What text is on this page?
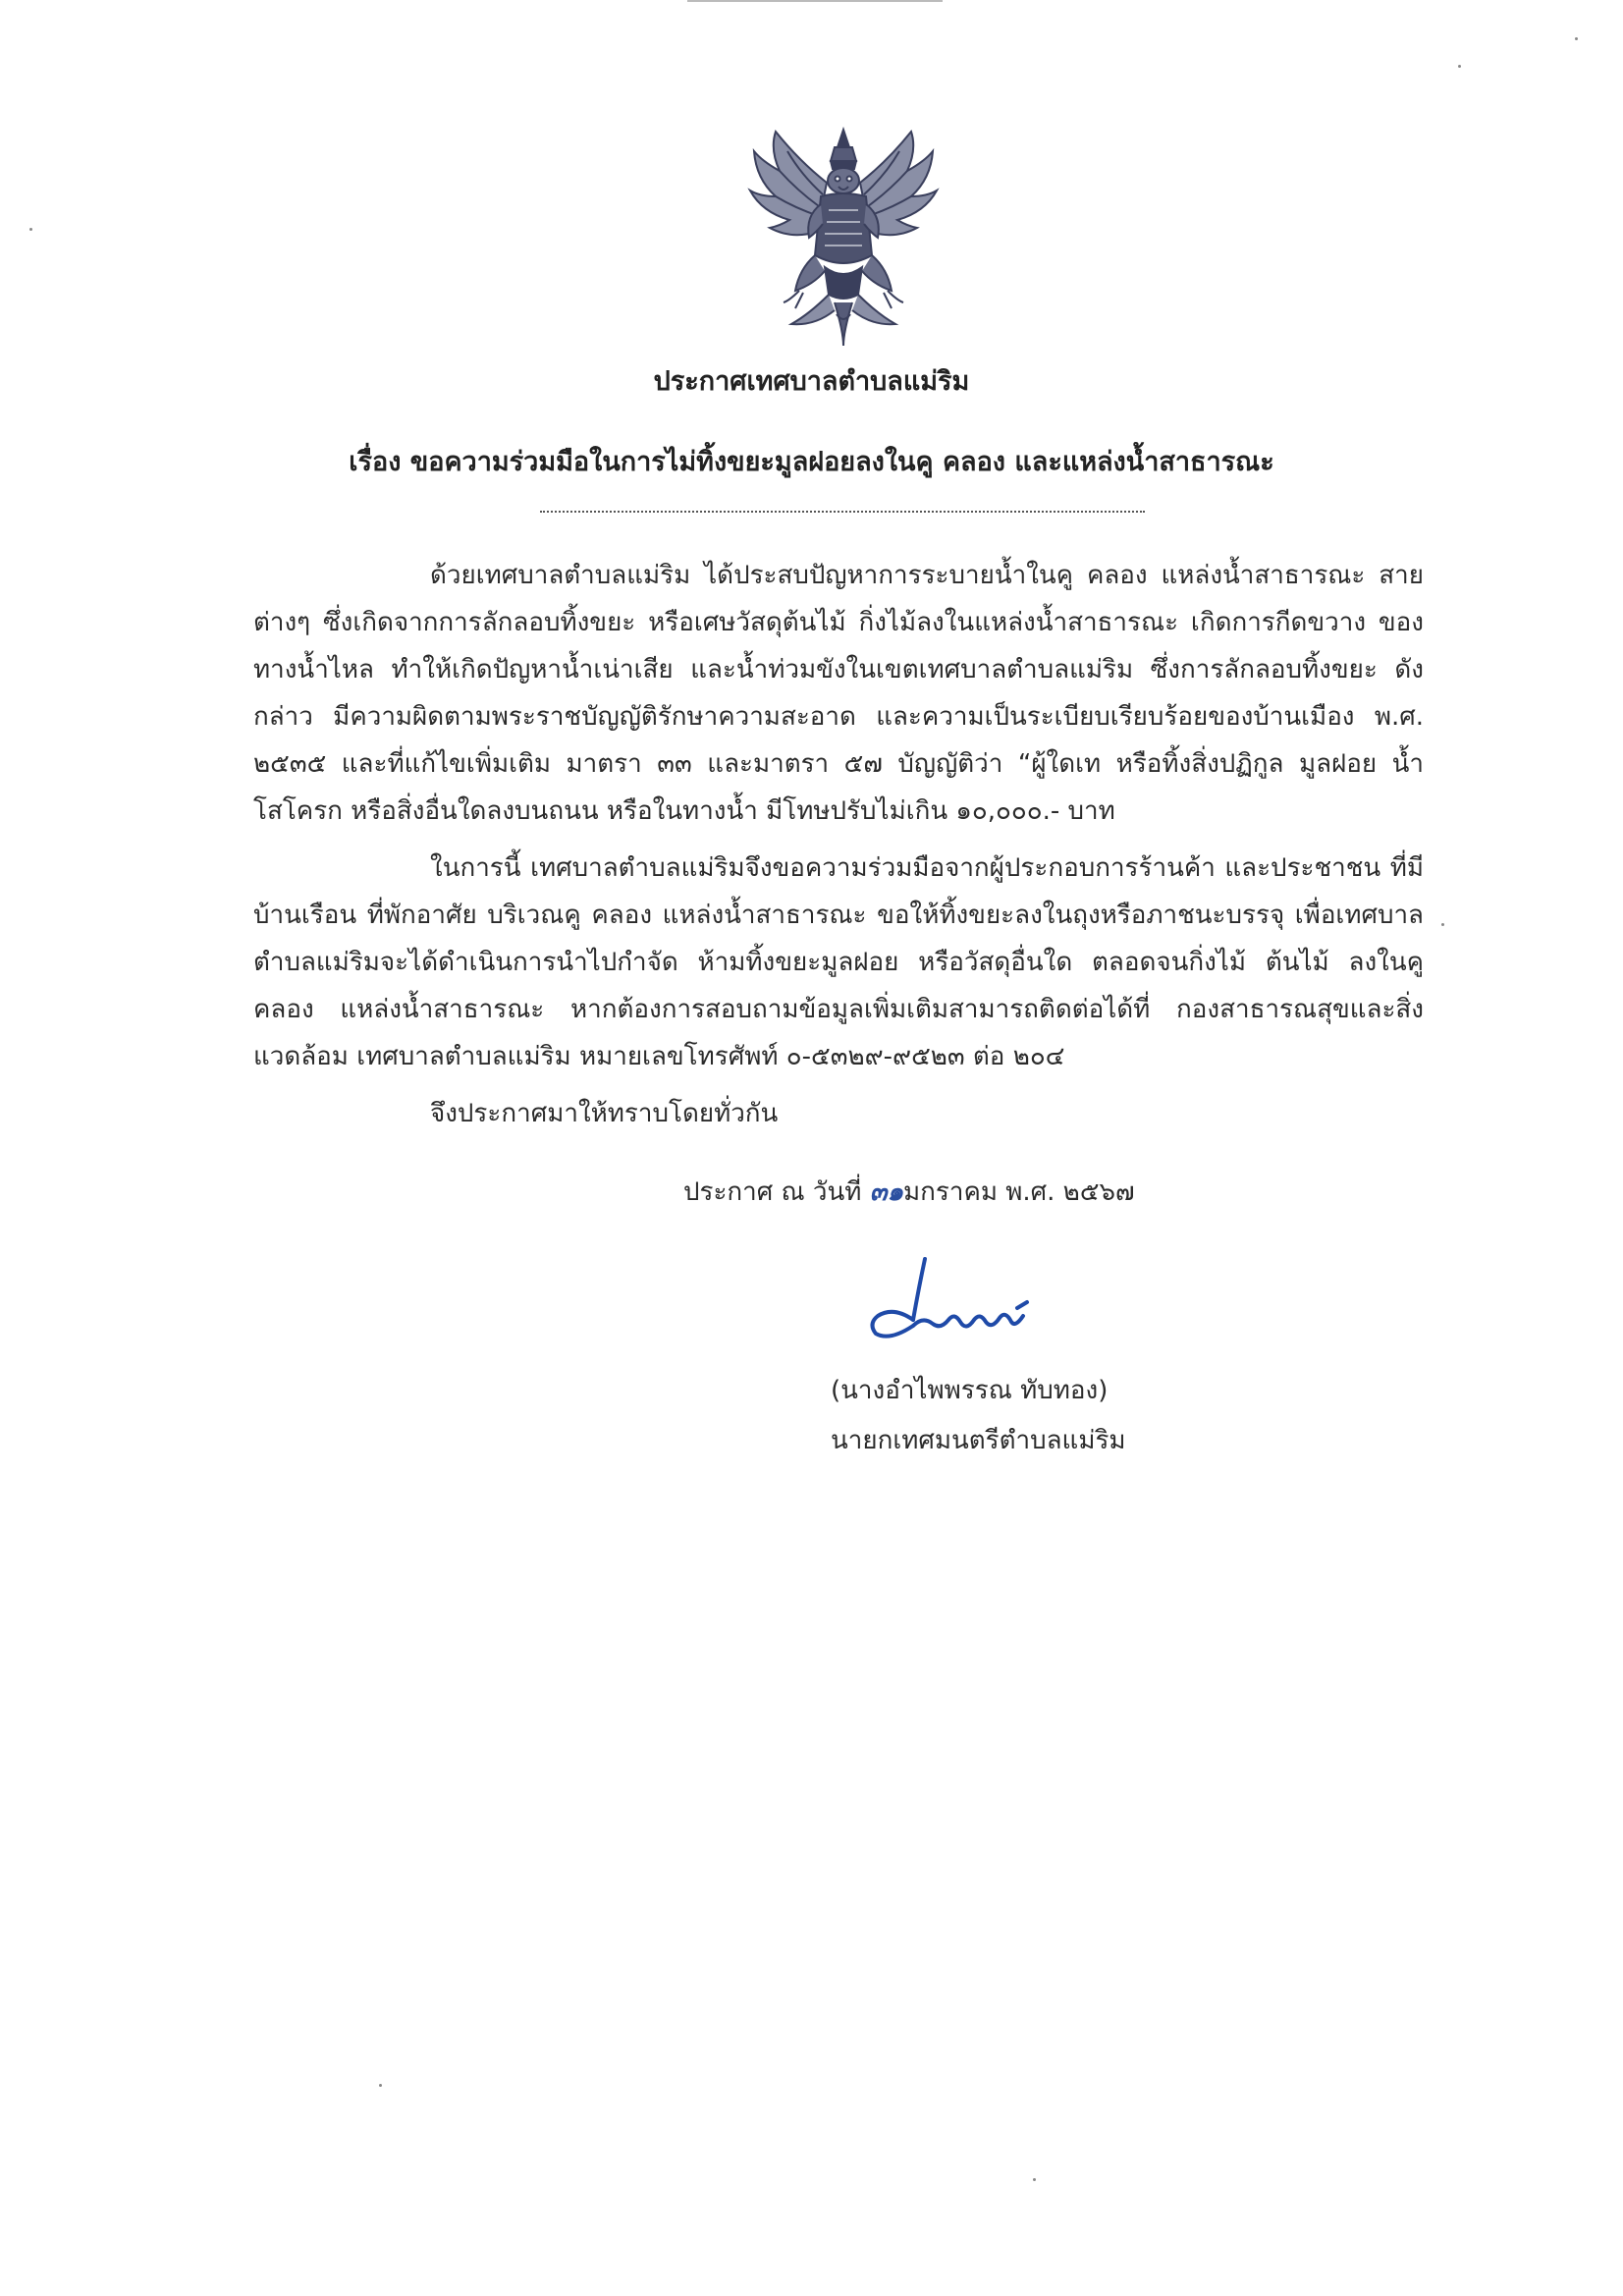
ประกาศเทศบาลตำบลแม่ริม
เรื่อง ขอความร่วมมือในการไม่ทิ้งขยะมูลฝอยลงในคู คลอง และแหล่งน้ำสาธารณะ
ด้วยเทศบาลตำบลแม่ริม ได้ประสบปัญหาการระบายน้ำในคู คลอง แหล่งน้ำสาธารณะ สายต่างๆ ซึ่งเกิดจากการลักลอบทิ้งขยะ หรือเศษวัสดุต้นไม้ กิ่งไม้ลงในแหล่งน้ำสาธารณะ เกิดการกีดขวาง ของทางน้ำไหล ทำให้เกิดปัญหาน้ำเน่าเสีย และน้ำท่วมขังในเขตเทศบาลตำบลแม่ริม ซึ่งการลักลอบทิ้งขยะ ดังกล่าว มีความผิดตามพระราชบัญญัติรักษาความสะอาด และความเป็นระเบียบเรียบร้อยของบ้านเมือง พ.ศ. ๒๕๓๕ และที่แก้ไขเพิ่มเติม มาตรา ๓๓ และมาตรา ๕๗ บัญญัติว่า “ผู้ใดเท หรือทิ้งสิ่งปฏิกูล มูลฝอย น้ำโสโครก หรือสิ่งอื่นใดลงบนถนน หรือในทางน้ำ มีโทษปรับไม่เกิน ๑๐,๐๐๐.- บาท
ในการนี้ เทศบาลตำบลแม่ริมจึงขอความร่วมมือจากผู้ประกอบการร้านค้า และประชาชน ที่มีบ้านเรือน ที่พักอาศัย บริเวณคู คลอง แหล่งน้ำสาธารณะ ขอให้ทิ้งขยะลงในถุงหรือภาชนะบรรจุ เพื่อเทศบาลตำบลแม่ริมจะได้ดำเนินการนำไปกำจัด ห้ามทิ้งขยะมูลฝอย หรือวัสดุอื่นใด ตลอดจนกิ่งไม้ ต้นไม้ ลงในคู คลอง แหล่งน้ำสาธารณะ หากต้องการสอบถามข้อมูลเพิ่มเติมสามารถติดต่อได้ที่ กองสาธารณสุขและสิ่งแวดล้อม เทศบาลตำบลแม่ริม หมายเลขโทรศัพท์ ๐-๕๓๒๙-๙๕๒๓ ต่อ ๒๐๔
จึงประกาศมาให้ทราบโดยทั่วกัน
ประกาศ ณ วันที่ ๓๑มกราคม พ.ศ. ๒๕๖๗
(นางอำไพพรรณ ทับทอง)
นายกเทศมนตรีตำบลแม่ริม
